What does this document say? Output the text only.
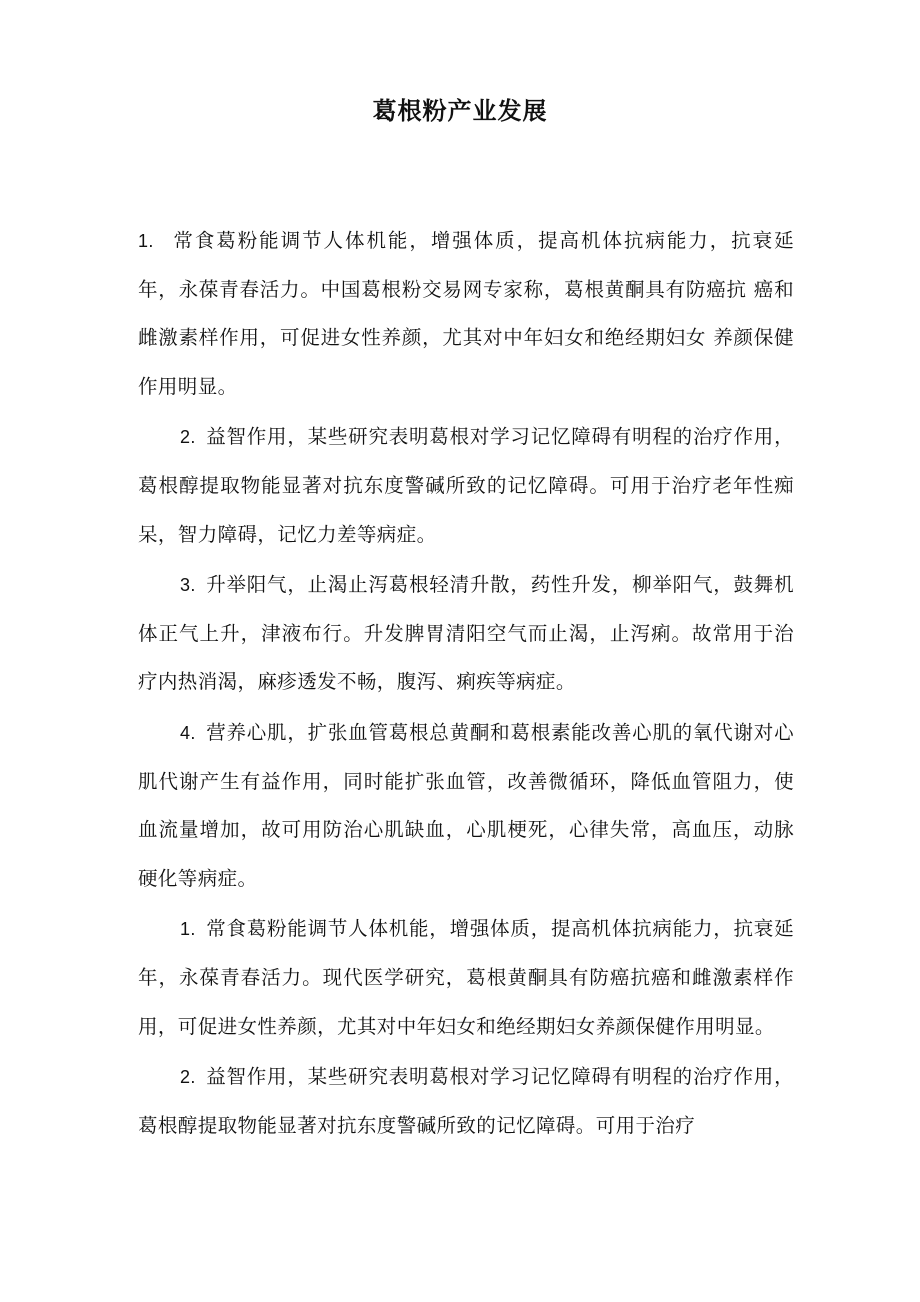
葛根粉产业发展

1. 常食葛粉能调节人体机能，增强体质，提高机体抗病能力，抗衰延 年，永葆青春活力。中国葛根粉交易网专家称，葛根黄酮具有防癌抗 癌和雌激素样作用，可促进女性养颜，尤其对中年妇女和绝经期妇女 养颜保健作用明显。

2. 益智作用，某些研究表明葛根对学习记忆障碍有明程的治疗作用，葛根醇提取物能显著对抗东度警碱所致的记忆障碍。可用于治疗老年性痴呆，智力障碍，记忆力差等病症。

3. 升举阳气，止渴止泻葛根轻清升散，药性升发，柳举阳气，鼓舞机体正气上升，津液布行。升发脾胃清阳空气而止渴，止泻痢。故常用于治疗内热消渴，麻疹透发不畅，腹泻、痢疾等病症。

4. 营养心肌，扩张血管葛根总黄酮和葛根素能改善心肌的氧代谢对心肌代谢产生有益作用，同时能扩张血管，改善微循环，降低血管阻力，使血流量增加，故可用防治心肌缺血，心肌梗死，心律失常，高血压，动脉硬化等病症。

1. 常食葛粉能调节人体机能，增强体质，提高机体抗病能力，抗衰延年，永葆青春活力。现代医学研究，葛根黄酮具有防癌抗癌和雌激素样作用，可促进女性养颜，尤其对中年妇女和绝经期妇女养颜保健作用明显。

2. 益智作用，某些研究表明葛根对学习记忆障碍有明程的治疗作用，葛根醇提取物能显著对抗东度警碱所致的记忆障碍。可用于治疗
